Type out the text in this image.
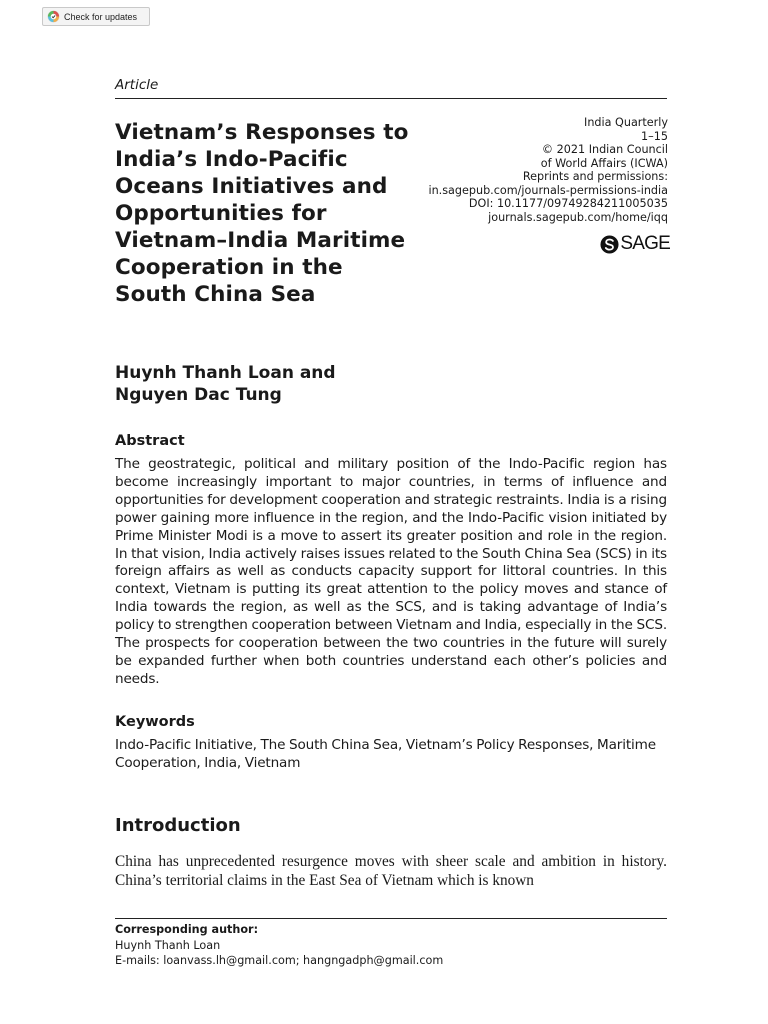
Check for updates
Article
Vietnam’s Responses to India’s Indo-Pacific Oceans Initiatives and Opportunities for Vietnam–India Maritime Cooperation in the South China Sea
India Quarterly
1–15
© 2021 Indian Council
of World Affairs (ICWA)
Reprints and permissions:
in.sagepub.com/journals-permissions-india
DOI: 10.1177/09749284211005035
journals.sagepub.com/home/iqq
SAGE
Huynh Thanh Loan and
Nguyen Dac Tung
Abstract

The geostrategic, political and military position of the Indo-Pacific region has become increasingly important to major countries, in terms of influence and opportunities for development cooperation and strategic restraints. India is a rising power gaining more influence in the region, and the Indo-Pacific vision initiated by Prime Minister Modi is a move to assert its greater position and role in the region. In that vision, India actively raises issues related to the South China Sea (SCS) in its foreign affairs as well as conducts capacity support for littoral countries. In this context, Vietnam is putting its great attention to the policy moves and stance of India towards the region, as well as the SCS, and is taking advantage of India’s policy to strengthen cooperation between Vietnam and India, especially in the SCS. The prospects for cooperation between the two countries in the future will surely be expanded further when both countries understand each other’s policies and needs.

Keywords

Indo-Pacific Initiative, The South China Sea, Vietnam’s Policy Responses, Maritime Cooperation, India, Vietnam

Introduction

China has unprecedented resurgence moves with sheer scale and ambition in history. China’s territorial claims in the East Sea of Vietnam which is known

Corresponding author:
Huynh Thanh Loan
E-mails: loanvass.lh@gmail.com; hangngadph@gmail.com
